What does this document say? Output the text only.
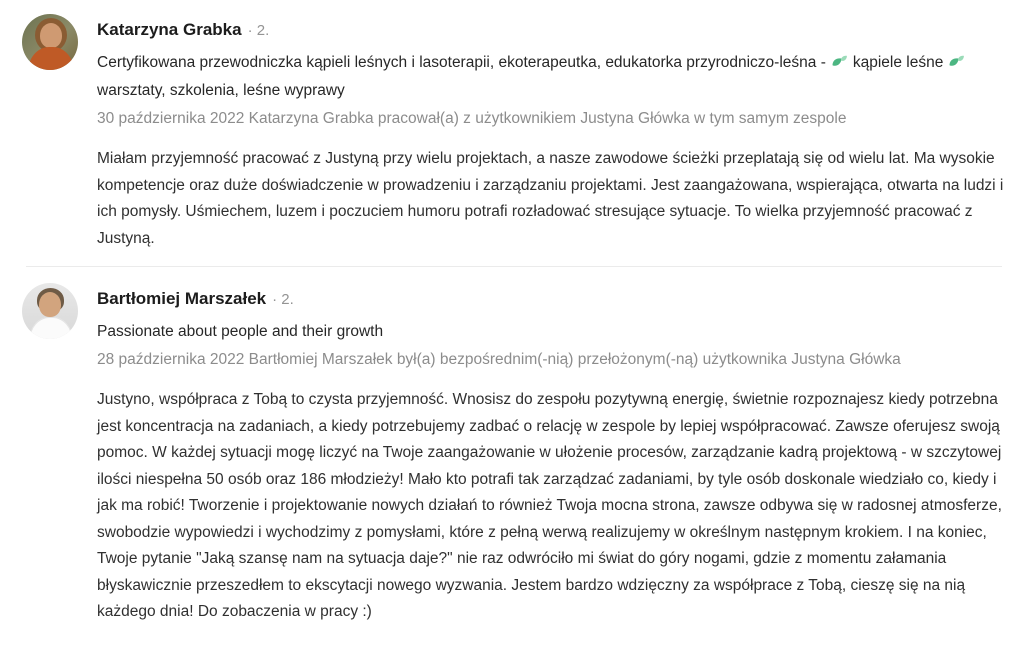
Katarzyna Grabka · 2.
Certyfikowana przewodniczka kąpieli leśnych i lasoterapii, ekoterapeutka, edukatorka przyrodniczo-leśna - kąpiele leśnewarsztaty, szkolenia, leśne wyprawy
30 października 2022 Katarzyna Grabka pracował(a) z użytkownikiem Justyna Główka w tym samym zespole
Miałam przyjemność pracować z Justyną przy wielu projektach, a nasze zawodowe ścieżki przeplatają się od wielu lat. Ma wysokie kompetencje oraz duże doświadczenie w prowadzeniu i zarządzaniu projektami. Jest zaangażowana, wspierająca, otwarta na ludzi i ich pomysły. Uśmiechem, luzem i poczuciem humoru potrafi rozładować stresujące sytuacje. To wielka przyjemność pracować z Justyną.
Bartłomiej Marszałek · 2.
Passionate about people and their growth
28 października 2022 Bartłomiej Marszałek był(a) bezpośrednim(-nią) przełożonym(-ną) użytkownika Justyna Główka
Justyno, współpraca z Tobą to czysta przyjemność. Wnosisz do zespołu pozytywną energię, świetnie rozpoznajesz kiedy potrzebna jest koncentracja na zadaniach, a kiedy potrzebujemy zadbać o relację w zespole by lepiej współpracować. Zawsze oferujesz swoją pomoc. W każdej sytuacji mogę liczyć na Twoje zaangażowanie w ułożenie procesów, zarządzanie kadrą projektową - w szczytowej ilości niespełna 50 osób oraz 186 młodzieży! Mało kto potrafi tak zarządzać zadaniami, by tyle osób doskonale wiedziało co, kiedy i jak ma robić! Tworzenie i projektowanie nowych działań to również Twoja mocna strona, zawsze odbywa się w radosnej atmosferze, swobodzie wypowiedzi i wychodzimy z pomysłami, które z pełną werwą realizujemy w określnym następnym krokiem. I na koniec, Twoje pytanie "Jaką szansę nam na sytuacja daje?" nie raz odwróciło mi świat do góry nogami, gdzie z momentu załamania błyskawicznie przeszedłem to ekscytacji nowego wyzwania. Jestem bardzo wdzięczny za współprace z Tobą, cieszę się na nią każdego dnia! Do zobaczenia w pracy :)
